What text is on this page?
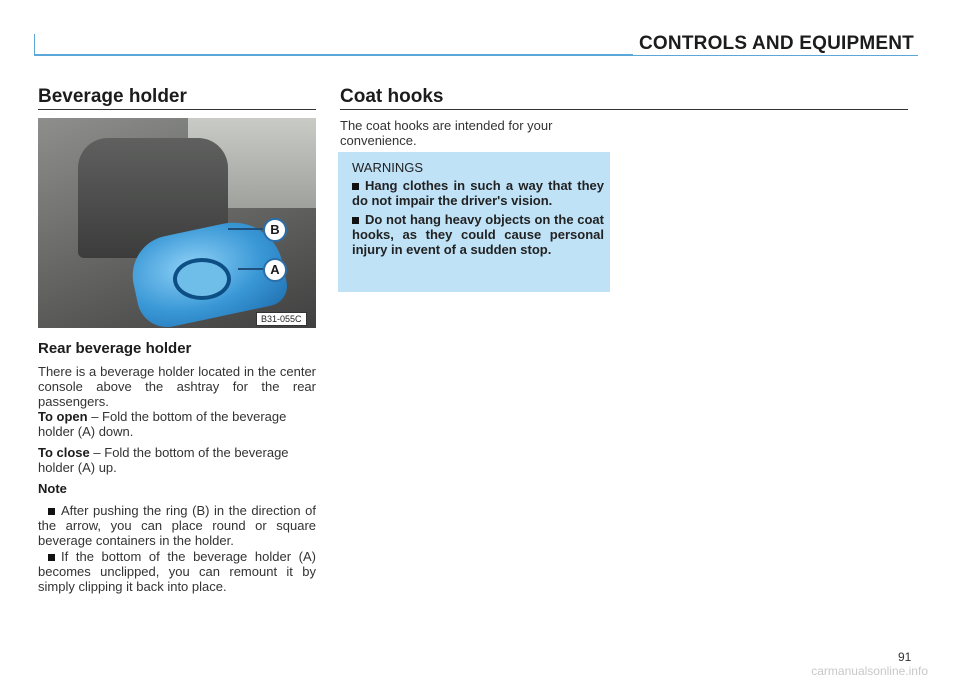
CONTROLS AND EQUIPMENT
Beverage holder
B
A
B31-055C
Rear beverage holder
There is a beverage holder located in the center console above the ashtray for the rear passengers.
To open – Fold the bottom of the beverage holder (A) down.
To close – Fold the bottom of the beverage holder (A) up.
Note
After pushing the ring (B) in the direction of the arrow, you can place round or square beverage containers in the holder.
If the bottom of the beverage holder (A) becomes unclipped, you can remount it by simply clipping it back into place.
Coat hooks
The coat hooks are intended for your convenience.
WARNINGS
Hang clothes in such a way that they do not impair the driver's vision.
Do not hang heavy objects on the coat hooks, as they could cause personal injury in event of a sudden stop.
91
carmanualsonline.info
